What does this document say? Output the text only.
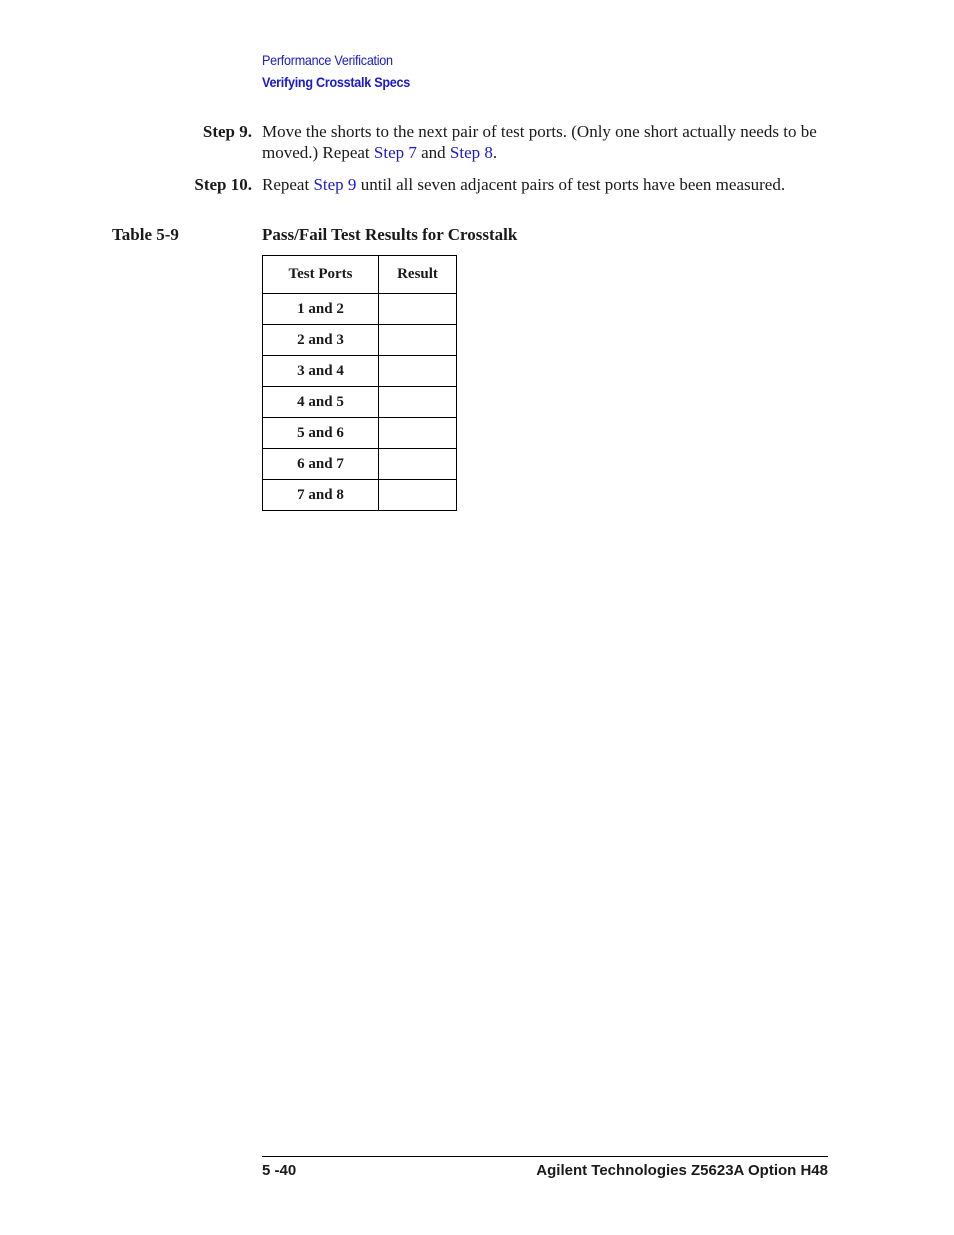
Performance Verification
Verifying Crosstalk Specs
Step 9. Move the shorts to the next pair of test ports. (Only one short actually needs to be moved.) Repeat Step 7 and Step 8.
Step 10. Repeat Step 9 until all seven adjacent pairs of test ports have been measured.
Table 5-9	Pass/Fail Test Results for Crosstalk
Test Ports	Result
1 and 2	
2 and 3	
3 and 4	
4 and 5	
5 and 6	
6 and 7	
7 and 8	
5 -40	Agilent Technologies Z5623A Option H48
